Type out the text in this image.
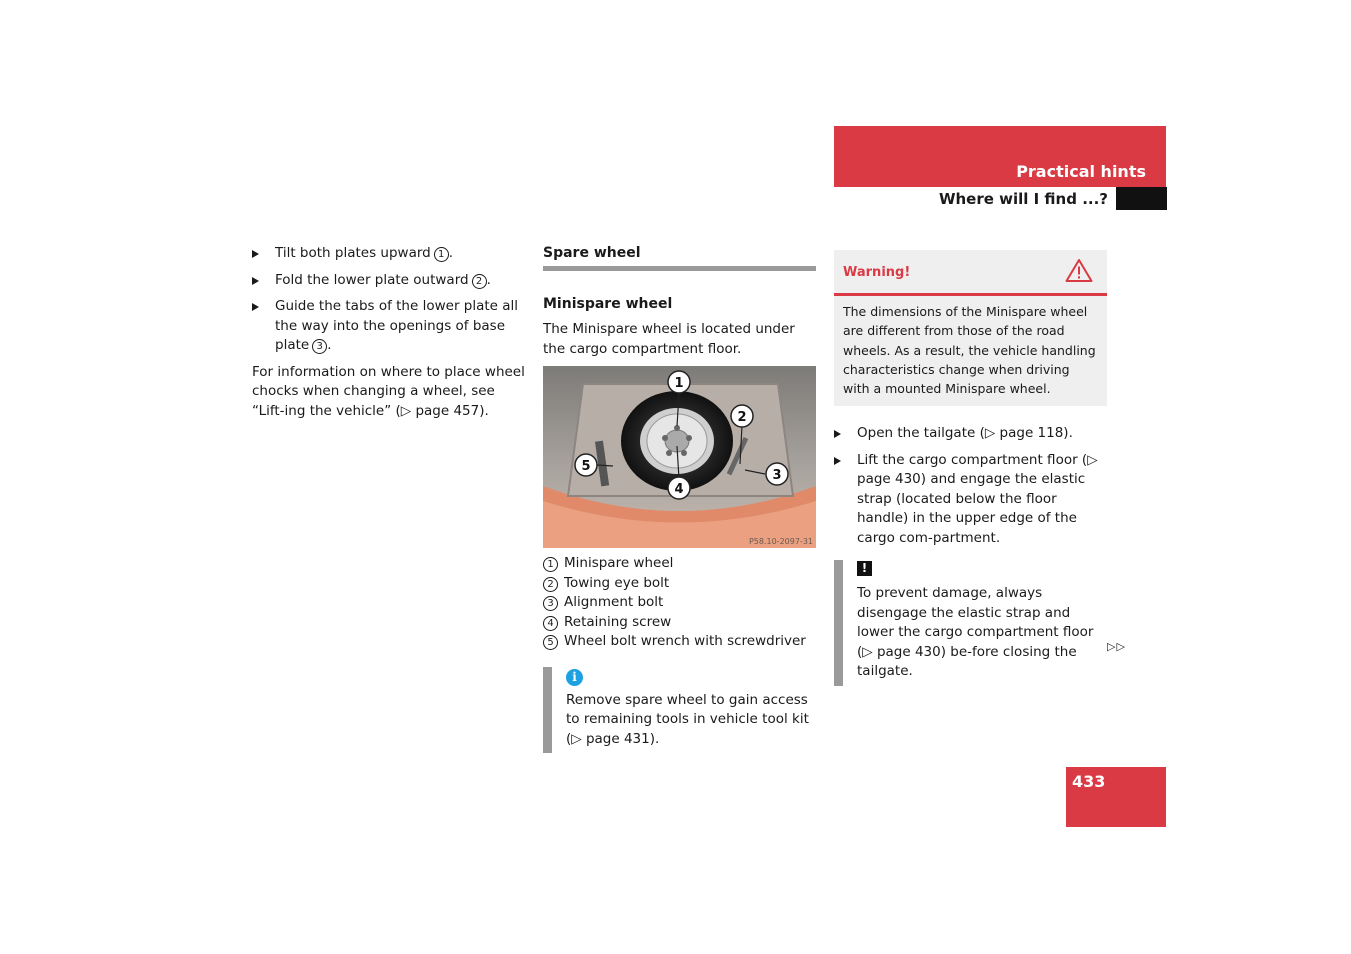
Practical hints
Where will I find ...?
Tilt both plates upward 1 .
Fold the lower plate outward 2 .
Guide the tabs of the lower plate all the way into the openings of base plate 3 .

For information on where to place wheel chocks when changing a wheel, see “Lift-ing the vehicle” (▷ page 457).

Spare wheel
Minispare wheel

The Minispare wheel is located under the cargo compartment floor.

1
2
3
4
5
P58.10-2097-31
1 Minispare wheel
2 Towing eye bolt
3 Alignment bolt
4 Retaining screw
5 Wheel bolt wrench with screwdriver
i

Remove spare wheel to gain access to remaining tools in vehicle tool kit (▷ page 431).

Warning!
The dimensions of the Minispare wheel are different from those of the road wheels. As a result, the vehicle handling characteristics change when driving with a mounted Minispare wheel.
Open the tailgate (▷ page 118).
Lift the cargo compartment floor (▷ page 430) and engage the elastic strap (located below the floor handle) in the upper edge of the cargo com-partment.
!

To prevent damage, always disengage the elastic strap and lower the cargo compartment floor (▷ page 430) be-fore closing the tailgate.

▷▷
433
